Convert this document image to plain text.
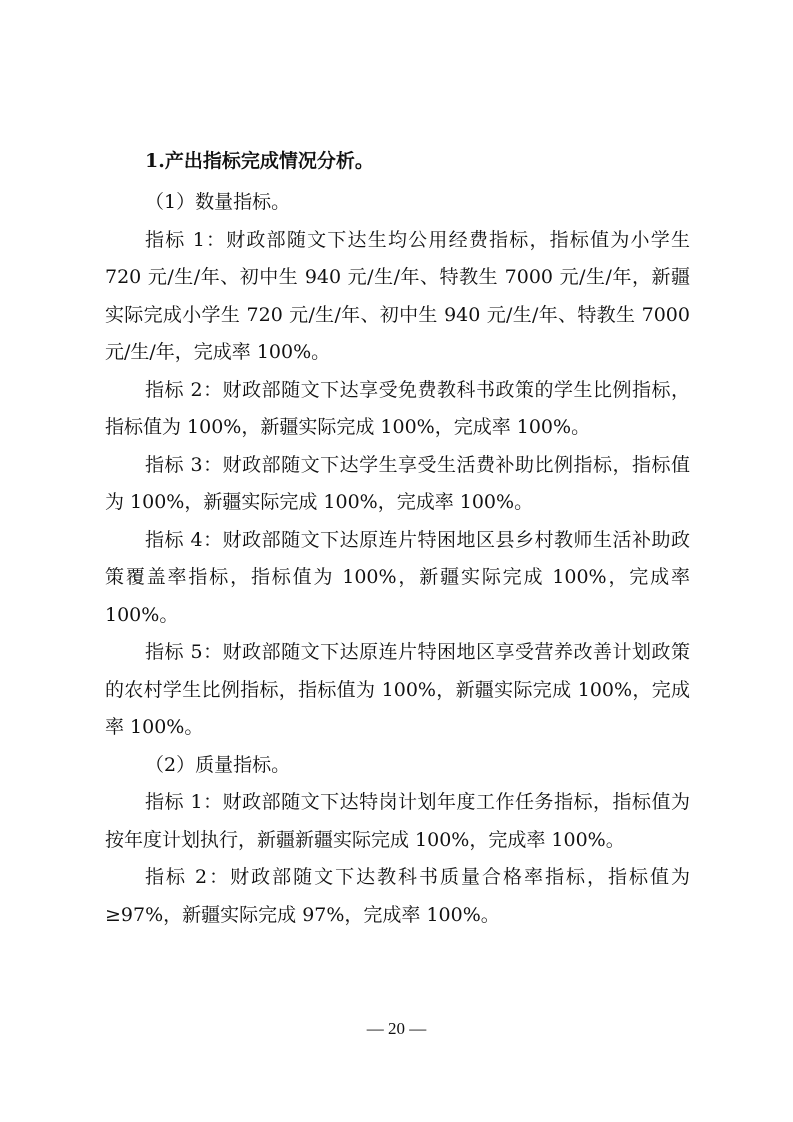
1.产出指标完成情况分析。

（1）数量指标。

指标 1：财政部随文下达生均公用经费指标，指标值为小学生 720 元/生/年、初中生 940 元/生/年、特教生 7000 元/生/年，新疆实际完成小学生 720 元/生/年、初中生 940 元/生/年、特教生 7000 元/生/年，完成率 100%。

指标 2：财政部随文下达享受免费教科书政策的学生比例指标，指标值为 100%，新疆实际完成 100%，完成率 100%。

指标 3：财政部随文下达学生享受生活费补助比例指标，指标值为 100%，新疆实际完成 100%，完成率 100%。

指标 4：财政部随文下达原连片特困地区县乡村教师生活补助政策覆盖率指标，指标值为 100%，新疆实际完成 100%，完成率 100%。

指标 5：财政部随文下达原连片特困地区享受营养改善计划政策的农村学生比例指标，指标值为 100%，新疆实际完成 100%，完成率 100%。

（2）质量指标。

指标 1：财政部随文下达特岗计划年度工作任务指标，指标值为按年度计划执行，新疆新疆实际完成 100%，完成率 100%。

指标 2：财政部随文下达教科书质量合格率指标，指标值为≥97%，新疆实际完成 97%，完成率 100%。

— 20 —
